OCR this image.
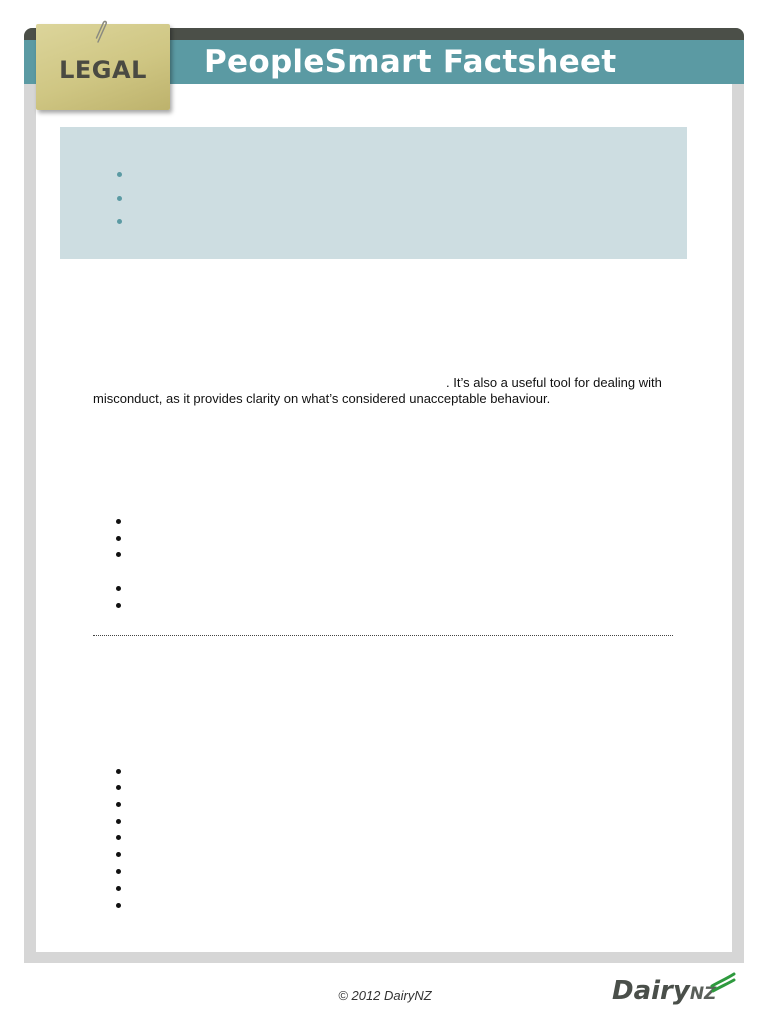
PeopleSmart Factsheet
LEGAL
. It’s also a useful tool for dealing with
misconduct, as it provides clarity on what’s considered unacceptable behaviour.
© 2012 DairyNZ	DairyNZ
